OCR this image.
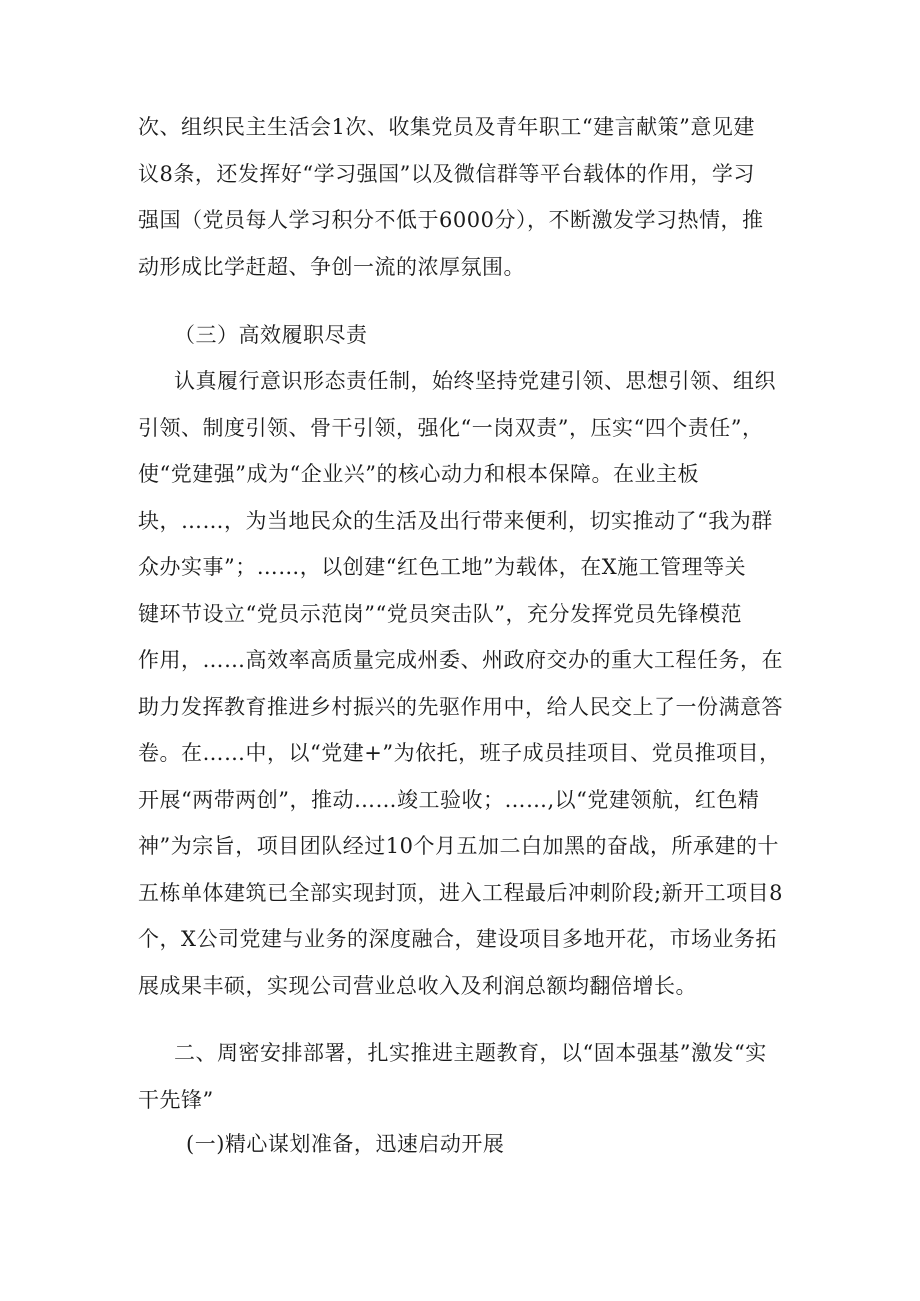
次、组织民主生活会1次、收集党员及青年职工“建言献策”意见建
议8条，还发挥好“学习强国”以及微信群等平台载体的作用，学习
强国（党员每人学习积分不低于6000分），不断激发学习热情，推
动形成比学赶超、争创一流的浓厚氛围。
（三）高效履职尽责
认真履行意识形态责任制，始终坚持党建引领、思想引领、组织
引领、制度引领、骨干引领，强化“一岗双责”，压实“四个责任”，
使“党建强”成为“企业兴”的核心动力和根本保障。在业主板
块，……，为当地民众的生活及出行带来便利，切实推动了“我为群
众办实事”；……，以创建“红色工地”为载体，在X施工管理等关
键环节设立“党员示范岗”“党员突击队”，充分发挥党员先锋模范
作用，……高效率高质量完成州委、州政府交办的重大工程任务，在
助力发挥教育推进乡村振兴的先驱作用中，给人民交上了一份满意答
卷。在……中，以“党建+”为依托，班子成员挂项目、党员推项目，
开展“两带两创”，推动……竣工验收；……,以“党建领航，红色精
神”为宗旨，项目团队经过10个月五加二白加黑的奋战，所承建的十
五栋单体建筑已全部实现封顶，进入工程最后冲刺阶段;新开工项目8
个，X公司党建与业务的深度融合，建设项目多地开花，市场业务拓
展成果丰硕，实现公司营业总收入及利润总额均翻倍增长。
二、周密安排部署，扎实推进主题教育，以“固本强基”激发“实
干先锋”
(一)精心谋划准备，迅速启动开展
